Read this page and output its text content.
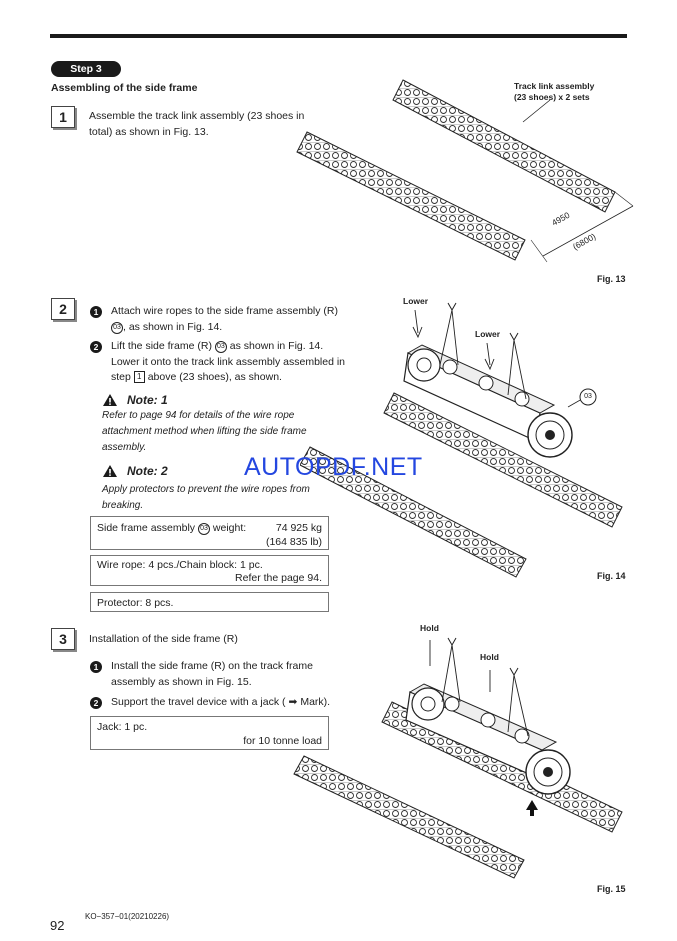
Step 3
Assembling of the side frame
1	Assemble the track link assembly (23 shoes in
total) as shown in Fig. 13.
Track link assembly
(23 shoes) x 2 sets
4950
(6800)
Fig. 13
2	1	Attach wire ropes to the side frame assembly (R)
03 , as shown in Fig. 14.
2	Lift the side frame (R) 03 as shown in Fig. 14.
Lower it onto the track link assembly assembled in
step 1 above (23 shoes), as shown.
Note: 1
Refer to page 94 for details of the wire rope
attachment method when lifting the side frame
assembly.
Note: 2
Apply protectors to prevent the wire ropes from
breaking.
Side frame assembly 03 weight:	74 925 kg
(164 835 lb)
Wire rope: 4 pcs./Chain block: 1 pc.
Refer the page 94.
Protector: 8 pcs.
Lower
Lower
03
Fig. 14
AUTOPDF.NET
3	Installation of the side frame (R)
1	Install the side frame (R) on the track frame
assembly as shown in Fig. 15.
2	Support the travel device with a jack ( ➡ Mark).
Jack: 1 pc.
for 10 tonne load
Hold
Hold
Fig. 15
KO−357−01(20210226)
92
